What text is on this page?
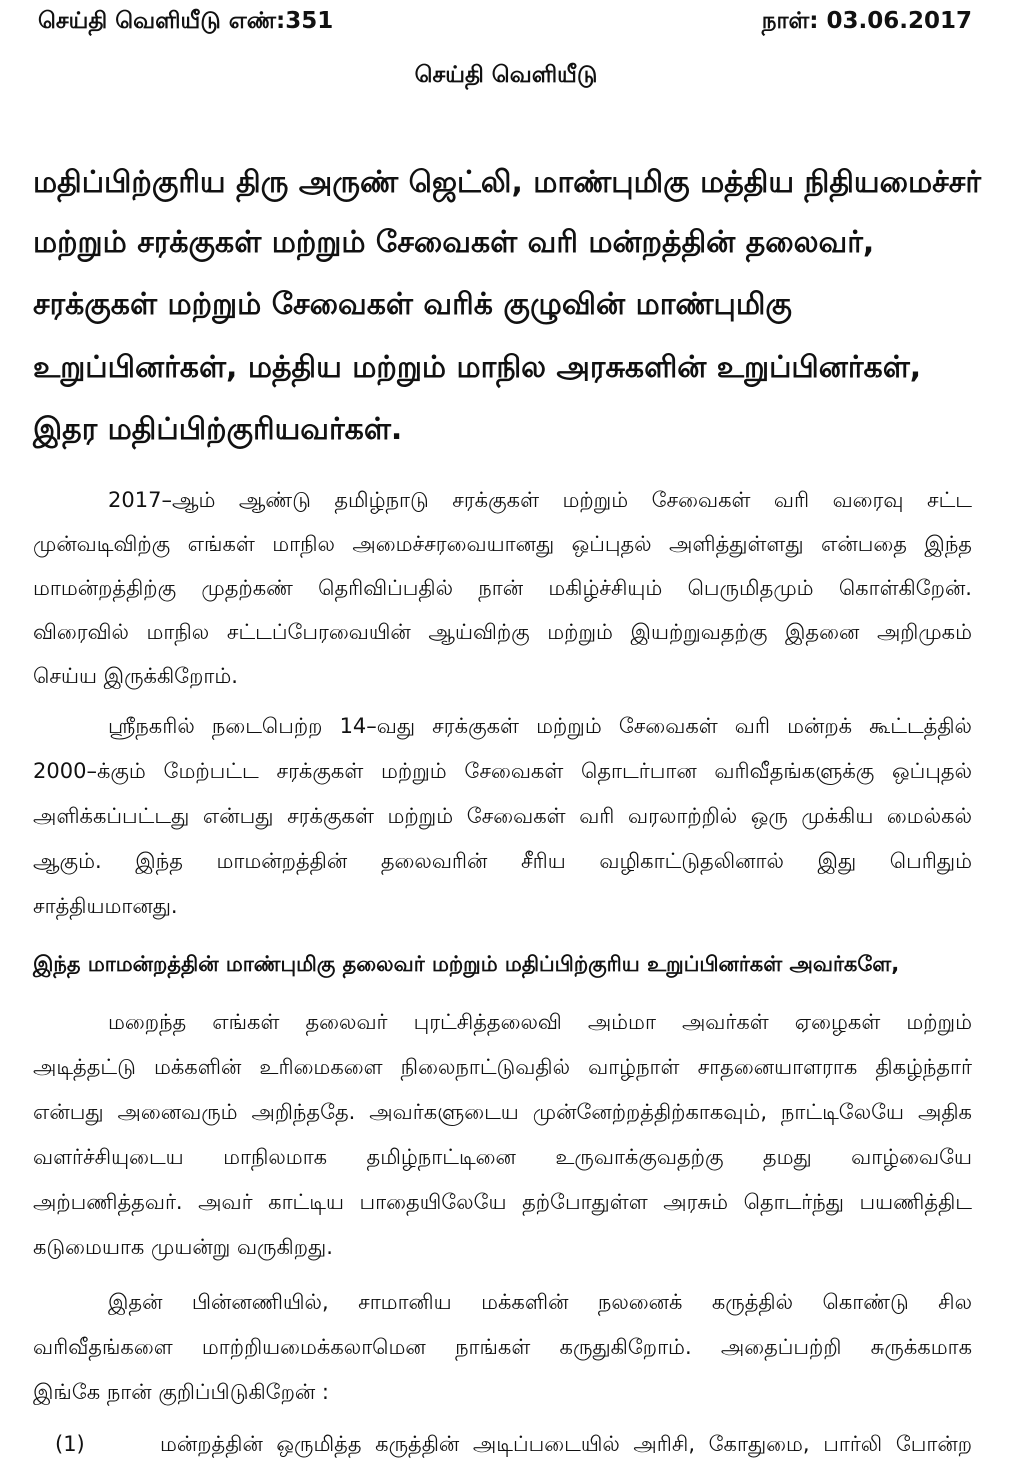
செய்தி வெளியீடு எண்:351	நாள்: 03.06.2017
செய்தி வெளியீடு
மதிப்பிற்குரிய திரு அருண் ஜெட்லி, மாண்புமிகு மத்திய நிதியமைச்சர்
மற்றும் சரக்குகள் மற்றும் சேவைகள் வரி மன்றத்தின் தலைவர்,
சரக்குகள் மற்றும் சேவைகள் வரிக் குழுவின் மாண்புமிகு
உறுப்பினர்கள், மத்திய மற்றும் மாநில அரசுகளின் உறுப்பினர்கள்,
இதர மதிப்பிற்குரியவர்கள்.
2017–ஆம் ஆண்டு தமிழ்நாடு சரக்குகள் மற்றும் சேவைகள் வரி வரைவு சட்ட
முன்வடிவிற்கு எங்கள் மாநில அமைச்சரவையானது ஒப்புதல் அளித்துள்ளது என்பதை இந்த
மாமன்றத்திற்கு முதற்கண் தெரிவிப்பதில் நான் மகிழ்ச்சியும் பெருமிதமும் கொள்கிறேன்.
விரைவில் மாநில சட்டப்பேரவையின் ஆய்விற்கு மற்றும் இயற்றுவதற்கு இதனை அறிமுகம்
செய்ய இருக்கிறோம்.
ஸ்ரீநகரில் நடைபெற்ற 14–வது சரக்குகள் மற்றும் சேவைகள் வரி மன்றக் கூட்டத்தில்
2000–க்கும் மேற்பட்ட சரக்குகள் மற்றும் சேவைகள் தொடர்பான வரிவீதங்களுக்கு ஒப்புதல்
அளிக்கப்பட்டது என்பது சரக்குகள் மற்றும் சேவைகள் வரி வரலாற்றில் ஒரு முக்கிய மைல்கல்
ஆகும். இந்த மாமன்றத்தின் தலைவரின் சீரிய வழிகாட்டுதலினால் இது பெரிதும்
சாத்தியமானது.
மறைந்த எங்கள் தலைவர் புரட்சித்தலைவி அம்மா அவர்கள் ஏழைகள் மற்றும்
அடித்தட்டு மக்களின் உரிமைகளை நிலைநாட்டுவதில் வாழ்நாள் சாதனையாளராக திகழ்ந்தார்
என்பது அனைவரும் அறிந்ததே. அவர்களுடைய முன்னேற்றத்திற்காகவும், நாட்டிலேயே அதிக
வளர்ச்சியுடைய மாநிலமாக தமிழ்நாட்டினை உருவாக்குவதற்கு தமது வாழ்வையே
அற்பணித்தவர். அவர் காட்டிய பாதையிலேயே தற்போதுள்ள அரசும் தொடர்ந்து பயணித்திட
கடுமையாக முயன்று வருகிறது.
இதன் பின்னணியில், சாமானிய மக்களின் நலனைக் கருத்தில் கொண்டு சில
வரிவீதங்களை மாற்றியமைக்கலாமென நாங்கள் கருதுகிறோம். அதைப்பற்றி சுருக்கமாக
இங்கே நான் குறிப்பிடுகிறேன் :
இந்த மாமன்றத்தின் மாண்புமிகு தலைவர் மற்றும் மதிப்பிற்குரிய உறுப்பினர்கள் அவர்களே,
(1)	மன்றத்தின் ஒருமித்த கருத்தின் அடிப்படையில் அரிசி, கோதுமை, பார்லி போன்ற
